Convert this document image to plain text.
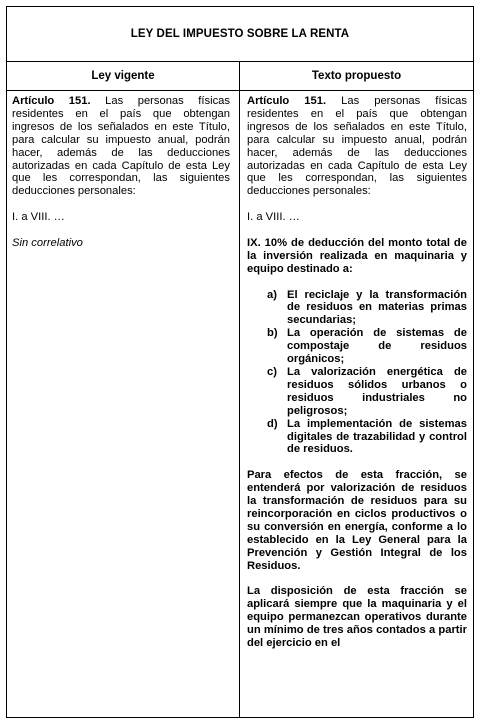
LEY DEL IMPUESTO SOBRE LA RENTA
Ley vigente	Texto propuesto

Artículo 151. Las personas físicas residentes en el país que obtengan ingresos de los señalados en este Título, para calcular su impuesto anual, podrán hacer, además de las deducciones autorizadas en cada Capítulo de esta Ley que les correspondan, las siguientes deducciones personales:

I. a VIII. …

Sin correlativo

Artículo 151. Las personas físicas residentes en el país que obtengan ingresos de los señalados en este Título, para calcular su impuesto anual, podrán hacer, además de las deducciones autorizadas en cada Capítulo de esta Ley que les correspondan, las siguientes deducciones personales:

I. a VIII. …

IX. 10% de deducción del monto total de la inversión realizada en maquinaria y equipo destinado a:

a) El reciclaje y la transformación de residuos en materias primas secundarias;
b) La operación de sistemas de compostaje de residuos orgánicos;
c) La valorización energética de residuos sólidos urbanos o residuos industriales no peligrosos;
d) La implementación de sistemas digitales de trazabilidad y control de residuos.

Para efectos de esta fracción, se entenderá por valorización de residuos la transformación de residuos para su reincorporación en ciclos productivos o su conversión en energía, conforme a lo establecido en la Ley General para la Prevención y Gestión Integral de los Residuos.

La disposición de esta fracción se aplicará siempre que la maquinaria y el equipo permanezcan operativos durante un mínimo de tres años contados a partir del ejercicio en el
